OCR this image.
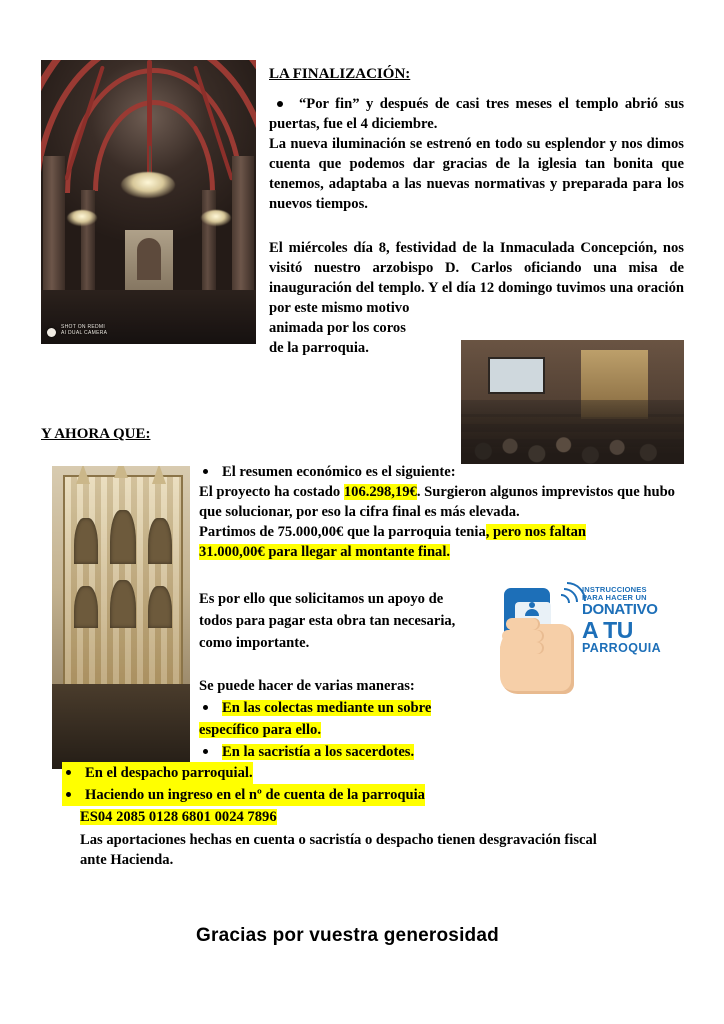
SHOT ON REDMI
AI DUAL CAMERA
LA FINALIZACIÓN:

“Por fin” y después de casi tres meses el templo abrió sus puertas, fue el 4 diciembre.

La nueva iluminación se estrenó en todo su esplendor y nos dimos cuenta que podemos dar gracias de la iglesia tan bonita que tenemos, adaptaba a las nuevas normativas y preparada para los nuevos tiempos.

El miércoles día 8, festividad de la Inmaculada Concepción, nos visitó nuestro arzobispo D. Carlos oficiando una misa de inauguración del templo. Y el día 12 domingo tuvimos una oración por este mismo motivo

animada por los coros

de la parroquia.

Y AHORA QUE:

El resumen económico es el siguiente:

El proyecto ha costado 106.298,19€. Surgieron algunos imprevistos que hubo que solucionar, por eso la cifra final es más elevada.

Partimos de 75.000,00€ que la parroquia tenia, pero nos faltan

31.000,00€ para llegar al montante final.

Es por ello que solicitamos un apoyo de

todos para pagar esta obra tan necesaria,

como importante.

Se puede hacer de varias maneras:

En las colectas mediante un sobre

específico para ello.

En la sacristía a los sacerdotes.

En el despacho parroquial.

Haciendo un ingreso en el nº de cuenta de la parroquia

ES04 2085 0128 6801 0024 7896

Las aportaciones hechas en cuenta o sacristía o despacho tienen desgravación fiscal

ante Hacienda.

INSTRUCCIONES
PARA HACER UN
DONATIVO
A TU
PARROQUIA
Gracias por vuestra generosidad
